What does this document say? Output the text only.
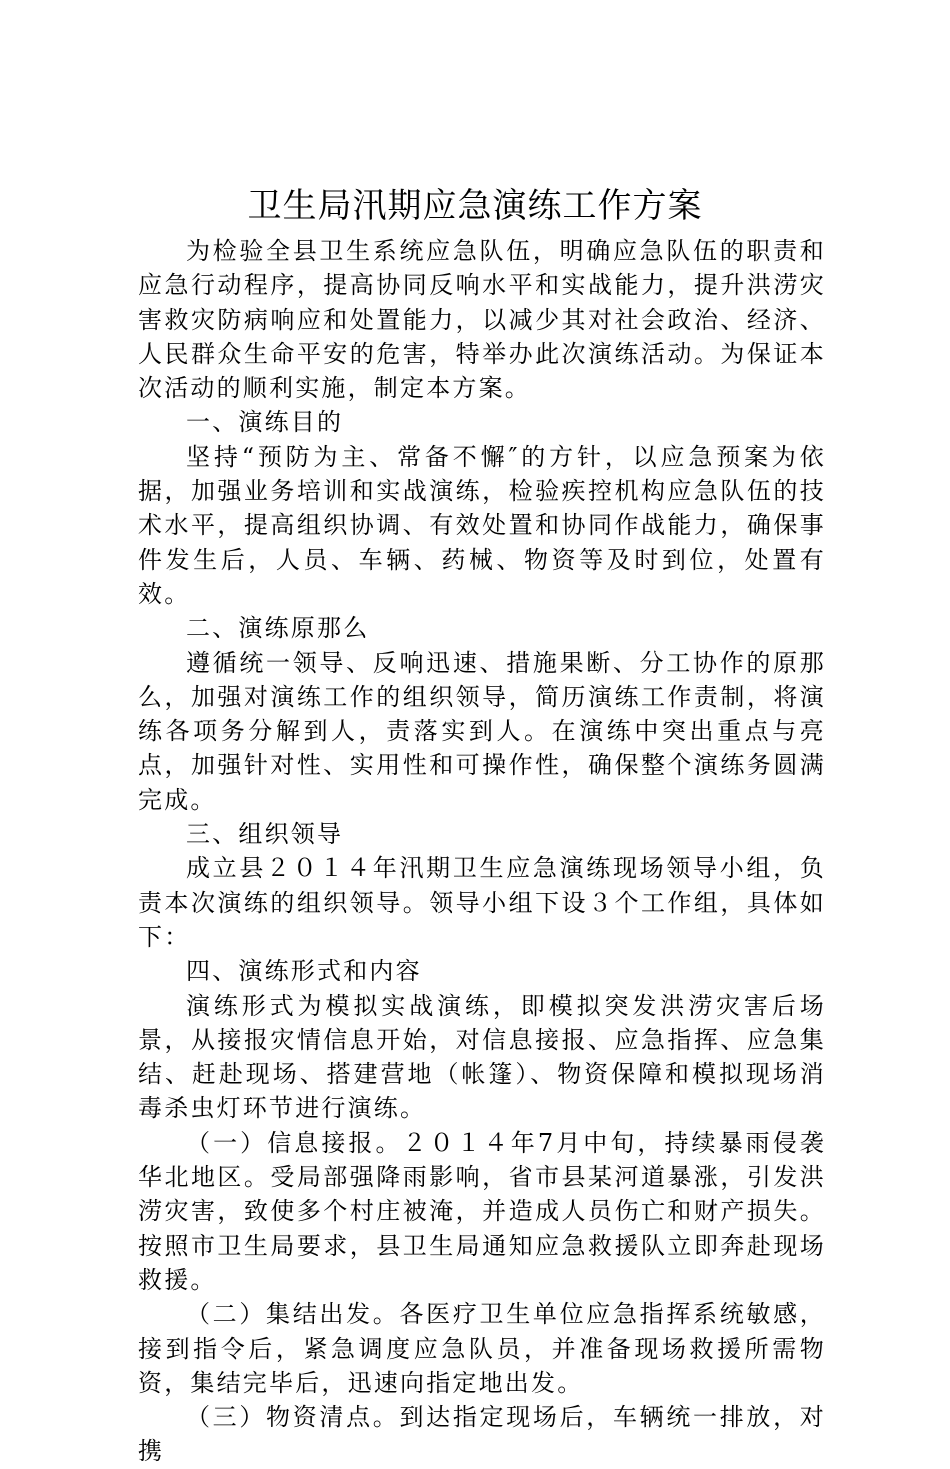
卫生局汛期应急演练工作方案

为检验全县卫生系统应急队伍，明确应急队伍的职责和应急行动程序，提高协同反响水平和实战能力，提升洪涝灾害救灾防病响应和处置能力，以减少其对社会政治、经济、人民群众生命平安的危害，特举办此次演练活动。为保证本次活动的顺利实施，制定本方案。

一、演练目的

坚持“预防为主、常备不懈″的方针，以应急预案为依据，加强业务培训和实战演练，检验疾控机构应急队伍的技术水平，提高组织协调、有效处置和协同作战能力，确保事件发生后，人员、车辆、药械、物资等及时到位，处置有效。

二、演练原那么

遵循统一领导、反响迅速、措施果断、分工协作的原那么，加强对演练工作的组织领导，简历演练工作责制，将演练各项务分解到人，责落实到人。在演练中突出重点与亮点，加强针对性、实用性和可操作性，确保整个演练务圆满完成。

三、组织领导

成立县２０１４年汛期卫生应急演练现场领导小组，负责本次演练的组织领导。领导小组下设３个工作组，具体如下：

四、演练形式和内容

演练形式为模拟实战演练，即模拟突发洪涝灾害后场景，从接报灾情信息开始，对信息接报、应急指挥、应急集结、赶赴现场、搭建营地（帐篷）、物资保障和模拟现场消毒杀虫灯环节进行演练。

（一）信息接报。２０１４年7月中旬，持续暴雨侵袭华北地区。受局部强降雨影响，省市县某河道暴涨，引发洪涝灾害，致使多个村庄被淹，并造成人员伤亡和财产损失。按照市卫生局要求，县卫生局通知应急救援队立即奔赴现场救援。

（二）集结出发。各医疗卫生单位应急指挥系统敏感，接到指令后，紧急调度应急队员，并准备现场救援所需物资，集结完毕后，迅速向指定地出发。

（三）物资清点。到达指定现场后，车辆统一排放，对携
